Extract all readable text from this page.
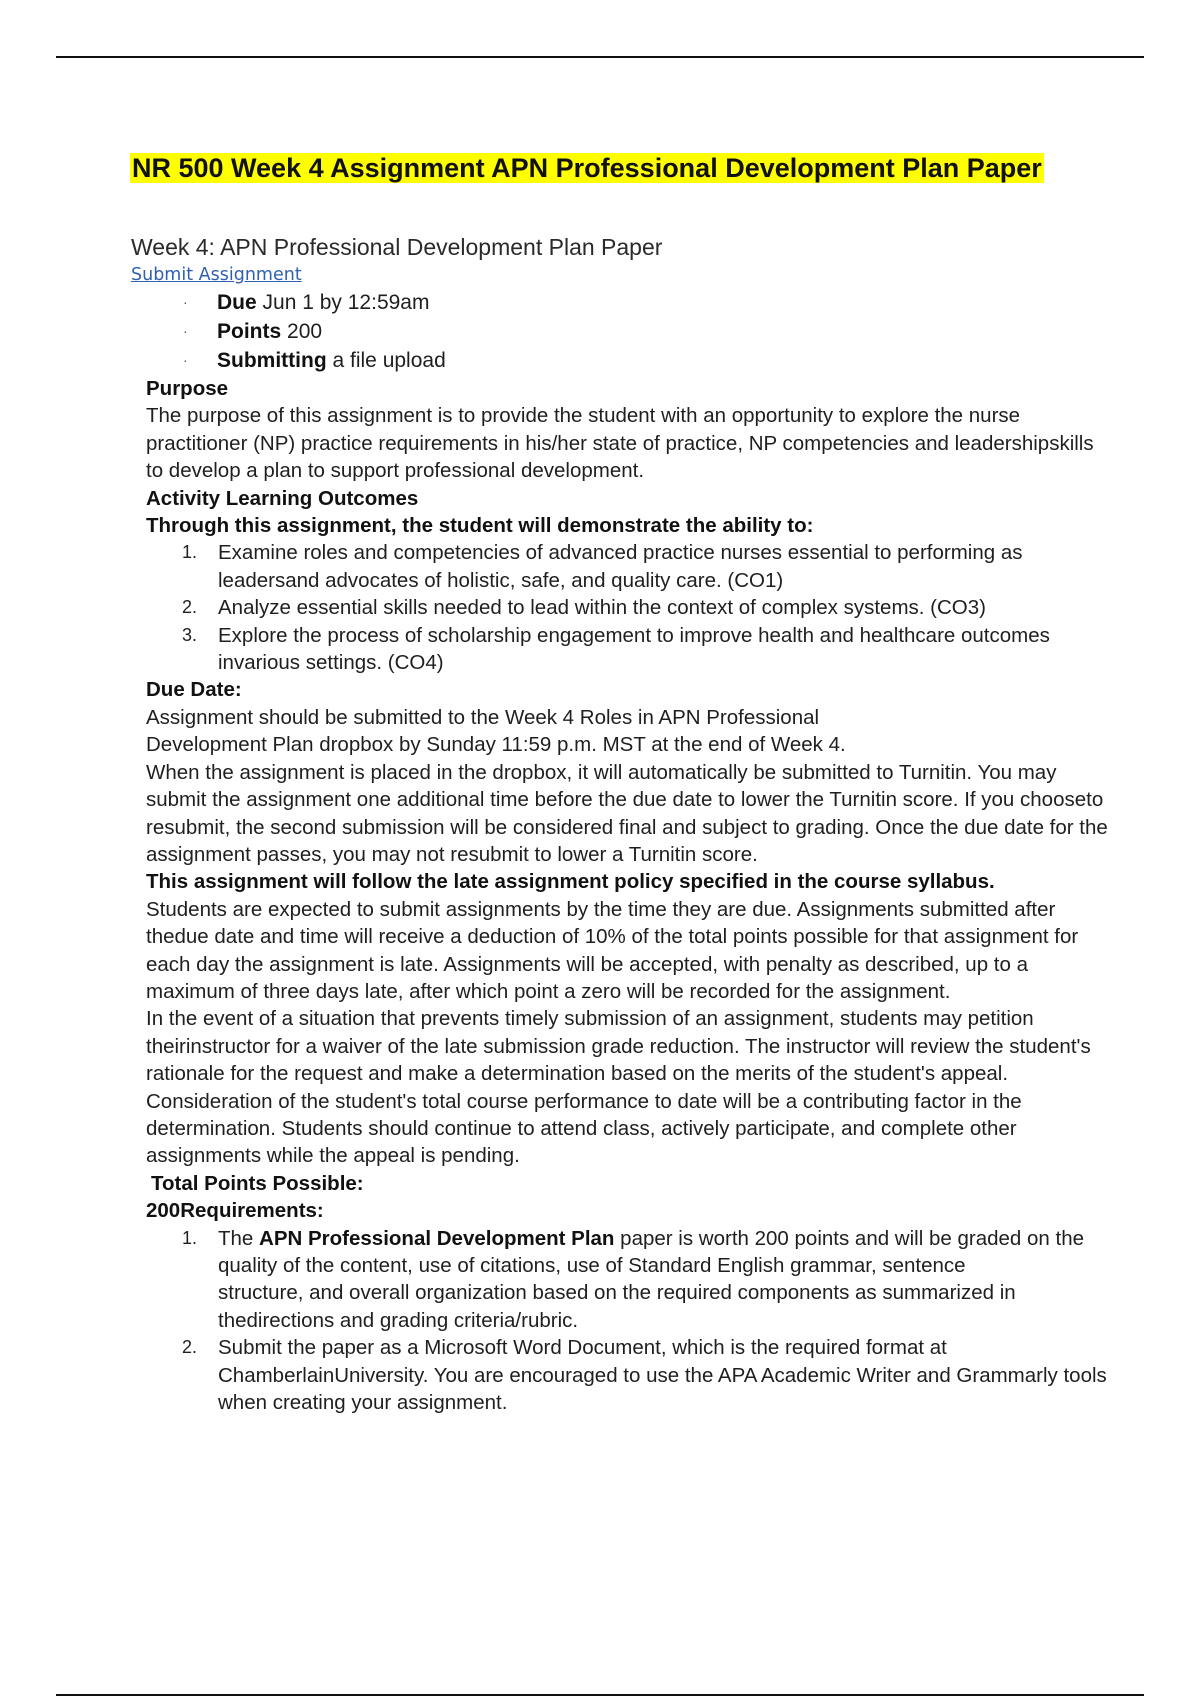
NR 500 Week 4 Assignment APN Professional Development Plan Paper

Week 4: APN Professional Development Plan Paper

Submit Assignment
· Due Jun 1 by 12:59am
· Points 200
· Submitting a file upload

Purpose

The purpose of this assignment is to provide the student with an opportunity to explore the nurse practitioner (NP) practice requirements in his/her state of practice, NP competencies and leadershipskills to develop a plan to support professional development.

Activity Learning Outcomes

Through this assignment, the student will demonstrate the ability to:

1. Examine roles and competencies of advanced practice nurses essential to performing as leadersand advocates of holistic, safe, and quality care. (CO1)
2. Analyze essential skills needed to lead within the context of complex systems. (CO3)
3. Explore the process of scholarship engagement to improve health and healthcare outcomes invarious settings. (CO4)

Due Date:

Assignment should be submitted to the Week 4 Roles in APN Professional

Development Plan dropbox by Sunday 11:59 p.m. MST at the end of Week 4.

When the assignment is placed in the dropbox, it will automatically be submitted to Turnitin. You may submit the assignment one additional time before the due date to lower the Turnitin score. If you chooseto resubmit, the second submission will be considered final and subject to grading. Once the due date for the assignment passes, you may not resubmit to lower a Turnitin score.

This assignment will follow the late assignment policy specified in the course syllabus.

Students are expected to submit assignments by the time they are due. Assignments submitted after thedue date and time will receive a deduction of 10% of the total points possible for that assignment for each day the assignment is late. Assignments will be accepted, with penalty as described, up to a maximum of three days late, after which point a zero will be recorded for the assignment.

In the event of a situation that prevents timely submission of an assignment, students may petition theirinstructor for a waiver of the late submission grade reduction. The instructor will review the student's rationale for the request and make a determination based on the merits of the student's appeal.

Consideration of the student's total course performance to date will be a contributing factor in the determination. Students should continue to attend class, actively participate, and complete other assignments while the appeal is pending.

Total Points Possible:

200Requirements:

1. The APN Professional Development Plan paper is worth 200 points and will be graded on the quality of the content, use of citations, use of Standard English grammar, sentence
structure, and overall organization based on the required components as summarized in thedirections and grading criteria/rubric.
2. Submit the paper as a Microsoft Word Document, which is the required format at ChamberlainUniversity. You are encouraged to use the APA Academic Writer and Grammarly tools when creating your assignment.
